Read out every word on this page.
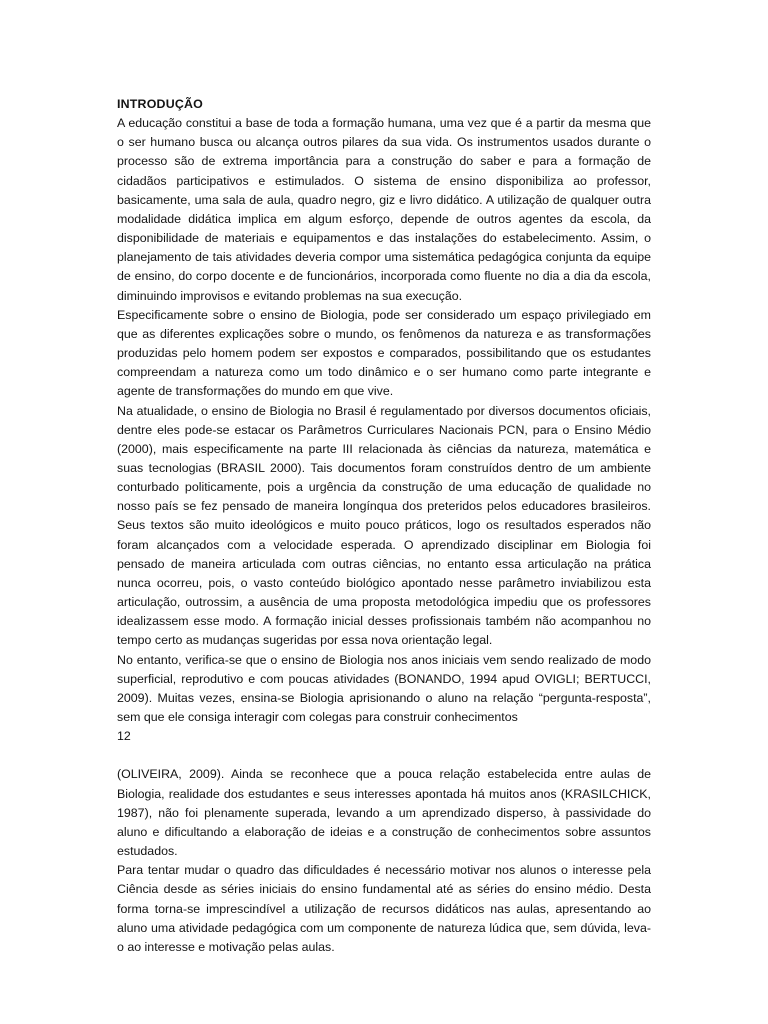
INTRODUÇÃO

A educação constitui a base de toda a formação humana, uma vez que é a partir da mesma que o ser humano busca ou alcança outros pilares da sua vida. Os instrumentos usados durante o processo são de extrema importância para a construção do saber e para a formação de cidadãos participativos e estimulados. O sistema de ensino disponibiliza ao professor, basicamente, uma sala de aula, quadro negro, giz e livro didático. A utilização de qualquer outra modalidade didática implica em algum esforço, depende de outros agentes da escola, da disponibilidade de materiais e equipamentos e das instalações do estabelecimento. Assim, o planejamento de tais atividades deveria compor uma sistemática pedagógica conjunta da equipe de ensino, do corpo docente e de funcionários, incorporada como fluente no dia a dia da escola, diminuindo improvisos e evitando problemas na sua execução.

Especificamente sobre o ensino de Biologia, pode ser considerado um espaço privilegiado em que as diferentes explicações sobre o mundo, os fenômenos da natureza e as transformações produzidas pelo homem podem ser expostos e comparados, possibilitando que os estudantes compreendam a natureza como um todo dinâmico e o ser humano como parte integrante e agente de transformações do mundo em que vive.

Na atualidade, o ensino de Biologia no Brasil é regulamentado por diversos documentos oficiais, dentre eles pode-se estacar os Parâmetros Curriculares Nacionais PCN, para o Ensino Médio (2000), mais especificamente na parte III relacionada às ciências da natureza, matemática e suas tecnologias (BRASIL 2000). Tais documentos foram construídos dentro de um ambiente conturbado politicamente, pois a urgência da construção de uma educação de qualidade no nosso país se fez pensado de maneira longínqua dos preteridos pelos educadores brasileiros. Seus textos são muito ideológicos e muito pouco práticos, logo os resultados esperados não foram alcançados com a velocidade esperada. O aprendizado disciplinar em Biologia foi pensado de maneira articulada com outras ciências, no entanto essa articulação na prática nunca ocorreu, pois, o vasto conteúdo biológico apontado nesse parâmetro inviabilizou esta articulação, outrossim, a ausência de uma proposta metodológica impediu que os professores idealizassem esse modo. A formação inicial desses profissionais também não acompanhou no tempo certo as mudanças sugeridas por essa nova orientação legal.

No entanto, verifica-se que o ensino de Biologia nos anos iniciais vem sendo realizado de modo superficial, reprodutivo e com poucas atividades (BONANDO, 1994 apud OVIGLI; BERTUCCI, 2009). Muitas vezes, ensina-se Biologia aprisionando o aluno na relação “pergunta-resposta”, sem que ele consiga interagir com colegas para construir conhecimentos

12

(OLIVEIRA, 2009). Ainda se reconhece que a pouca relação estabelecida entre aulas de Biologia, realidade dos estudantes e seus interesses apontada há muitos anos (KRASILCHICK, 1987), não foi plenamente superada, levando a um aprendizado disperso, à passividade do aluno e dificultando a elaboração de ideias e a construção de conhecimentos sobre assuntos estudados.

Para tentar mudar o quadro das dificuldades é necessário motivar nos alunos o interesse pela Ciência desde as séries iniciais do ensino fundamental até as séries do ensino médio. Desta forma torna-se imprescindível a utilização de recursos didáticos nas aulas, apresentando ao aluno uma atividade pedagógica com um componente de natureza lúdica que, sem dúvida, leva- o ao interesse e motivação pelas aulas.
